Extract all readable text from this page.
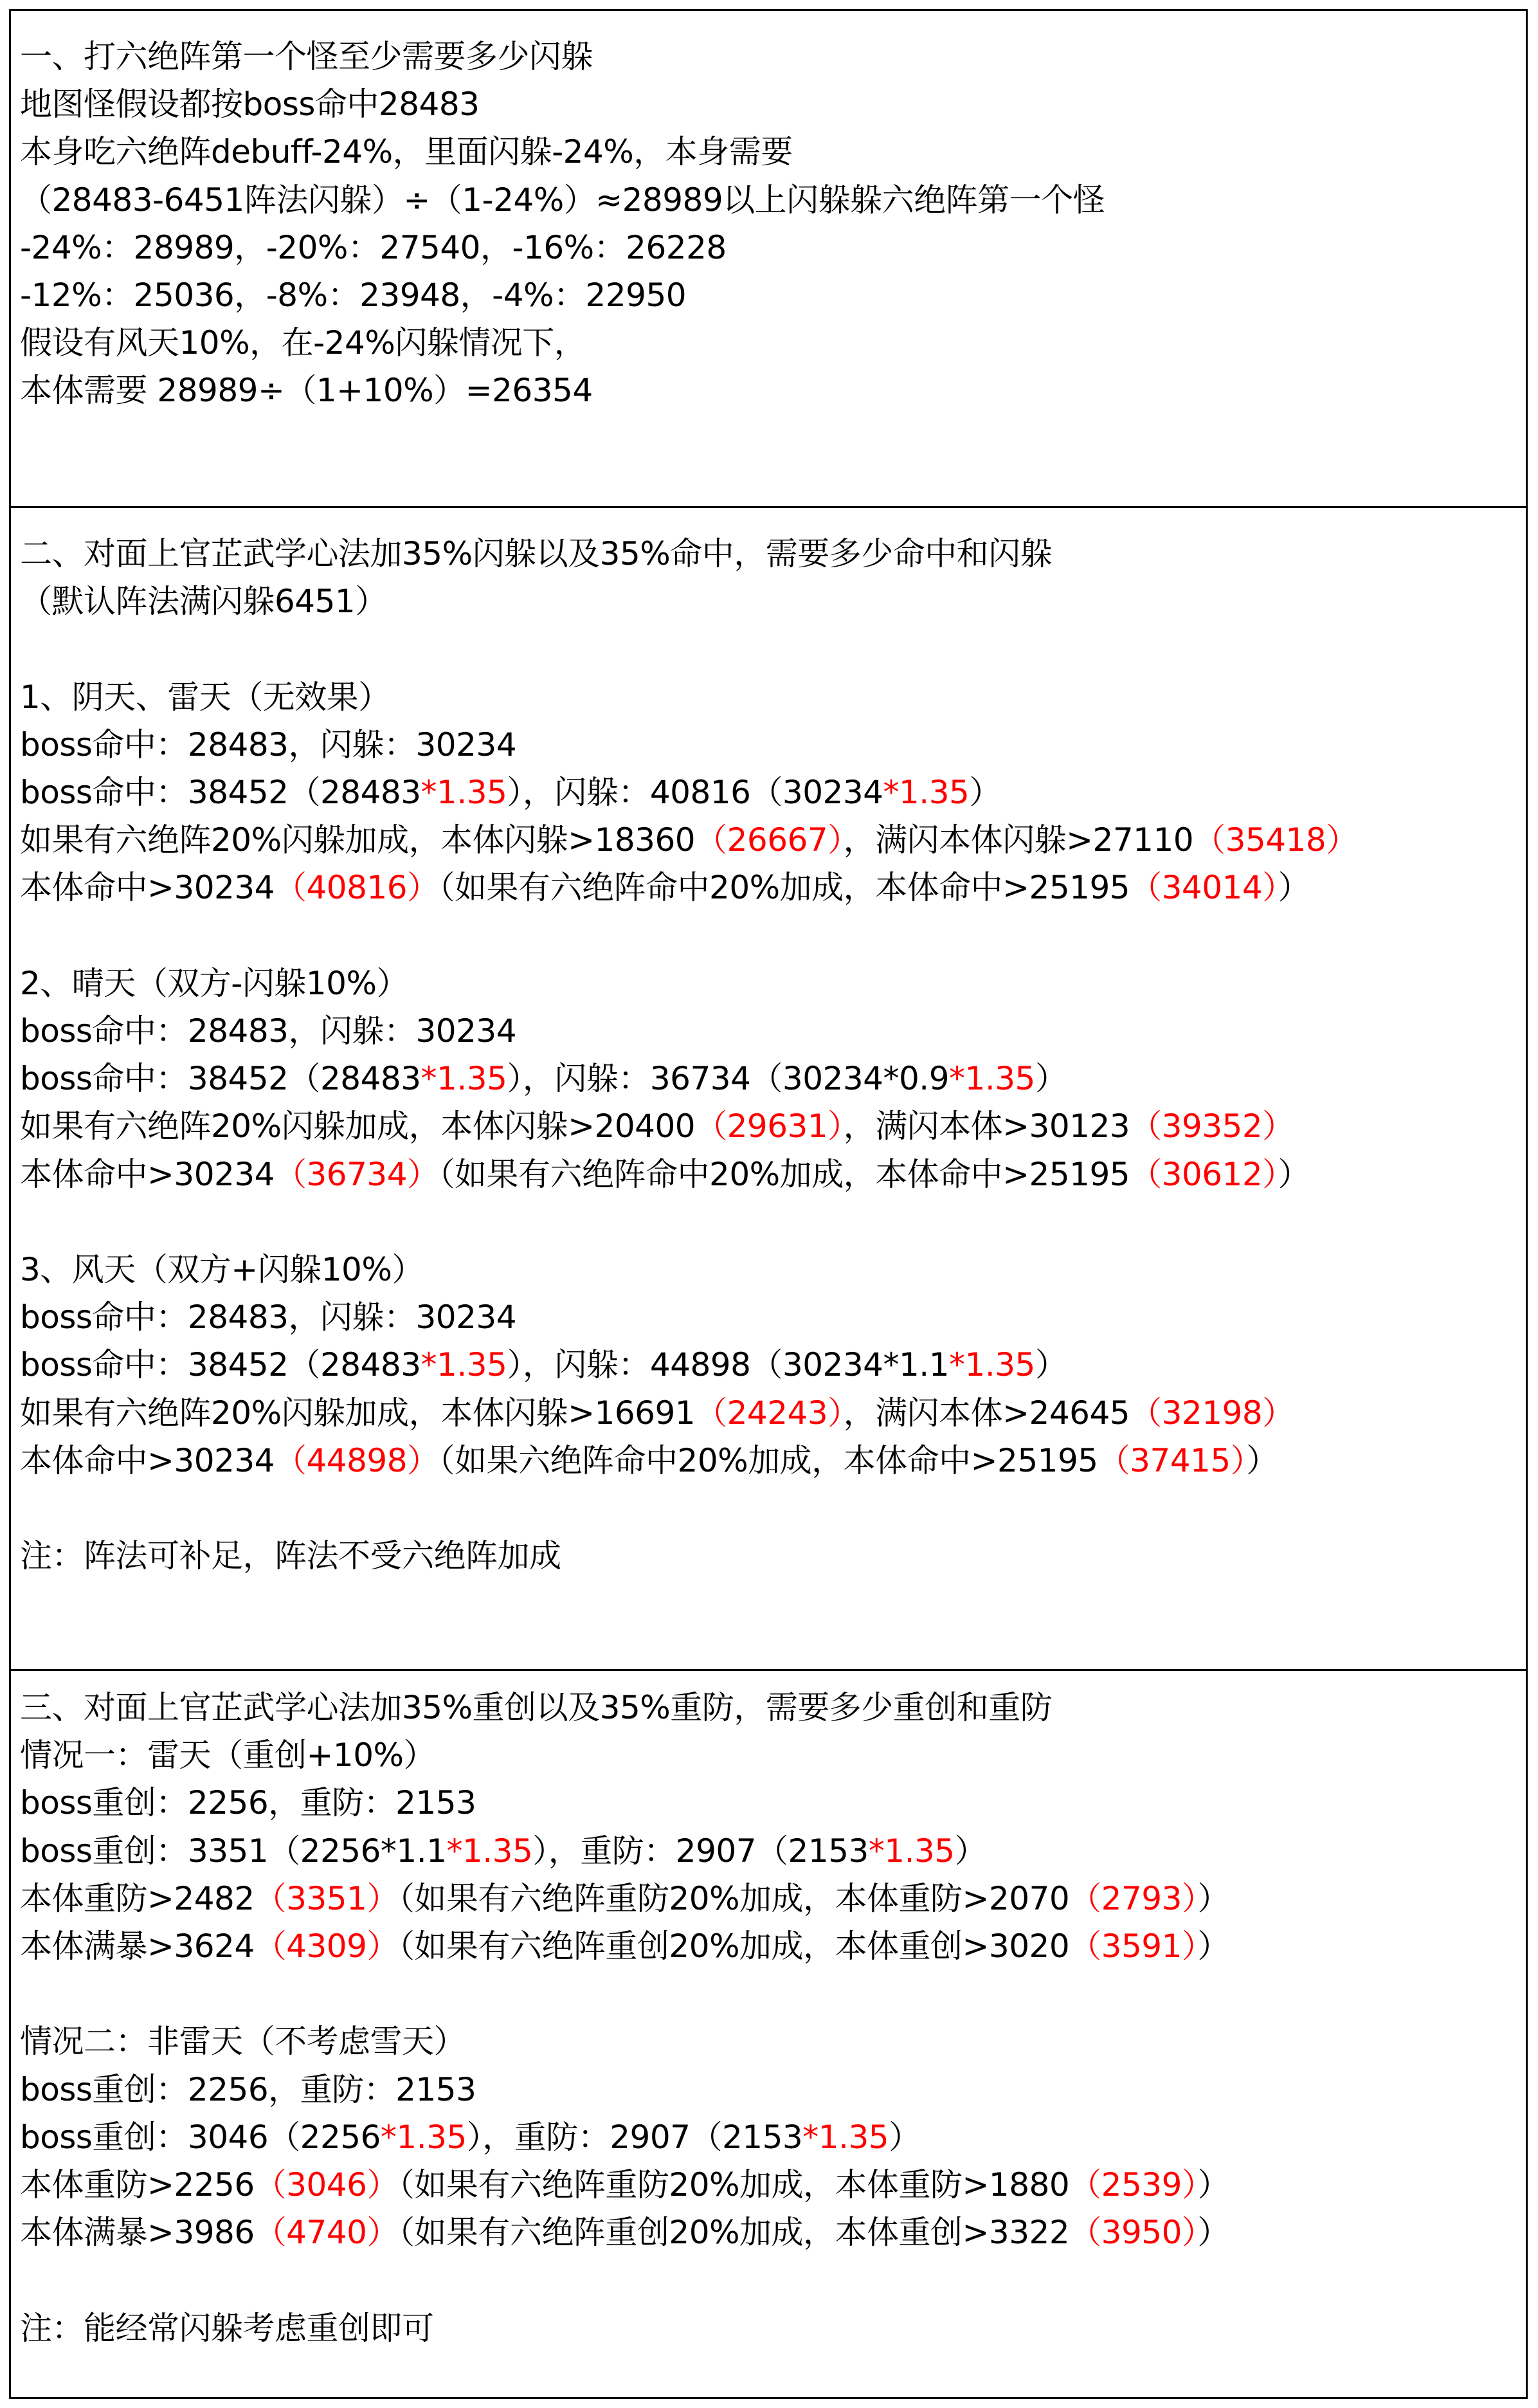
一、打六绝阵第一个怪至少需要多少闪躲
地图怪假设都按boss命中28483
本身吃六绝阵debuff-24%，里面闪躲-24%，本身需要
（28483-6451阵法闪躲）÷（1-24%）≈28989以上闪躲躲六绝阵第一个怪
-24%：28989，-20%：27540，-16%：26228
-12%：25036，-8%：23948，-4%：22950
假设有风天10%，在-24%闪躲情况下，
本体需要 28989÷（1+10%）=26354
二、对面上官芷武学心法加35%闪躲以及35%命中，需要多少命中和闪躲
（默认阵法满闪躲6451）
1、阴天、雷天（无效果）
boss命中：28483，闪躲：30234
boss命中：38452（28483*1.35），闪躲：40816（30234*1.35）
如果有六绝阵20%闪躲加成，本体闪躲>18360（26667），满闪本体闪躲>27110（35418）
本体命中>30234（40816）（如果有六绝阵命中20%加成，本体命中>25195（34014））
2、晴天（双方-闪躲10%）
boss命中：28483，闪躲：30234
boss命中：38452（28483*1.35），闪躲：36734（30234*0.9*1.35）
如果有六绝阵20%闪躲加成，本体闪躲>20400（29631），满闪本体>30123（39352）
本体命中>30234（36734）（如果有六绝阵命中20%加成，本体命中>25195（30612））
3、风天（双方+闪躲10%）
boss命中：28483，闪躲：30234
boss命中：38452（28483*1.35），闪躲：44898（30234*1.1*1.35）
如果有六绝阵20%闪躲加成，本体闪躲>16691（24243），满闪本体>24645（32198）
本体命中>30234（44898）（如果六绝阵命中20%加成，本体命中>25195（37415））
注：阵法可补足，阵法不受六绝阵加成
三、对面上官芷武学心法加35%重创以及35%重防，需要多少重创和重防
情况一：雷天（重创+10%）
boss重创：2256，重防：2153
boss重创：3351（2256*1.1*1.35），重防：2907（2153*1.35）
本体重防>2482（3351）（如果有六绝阵重防20%加成，本体重防>2070（2793））
本体满暴>3624（4309）（如果有六绝阵重创20%加成，本体重创>3020（3591））
情况二：非雷天（不考虑雪天）
boss重创：2256，重防：2153
boss重创：3046（2256*1.35），重防：2907（2153*1.35）
本体重防>2256（3046）（如果有六绝阵重防20%加成，本体重防>1880（2539））
本体满暴>3986（4740）（如果有六绝阵重创20%加成，本体重创>3322（3950））
注：能经常闪躲考虑重创即可
